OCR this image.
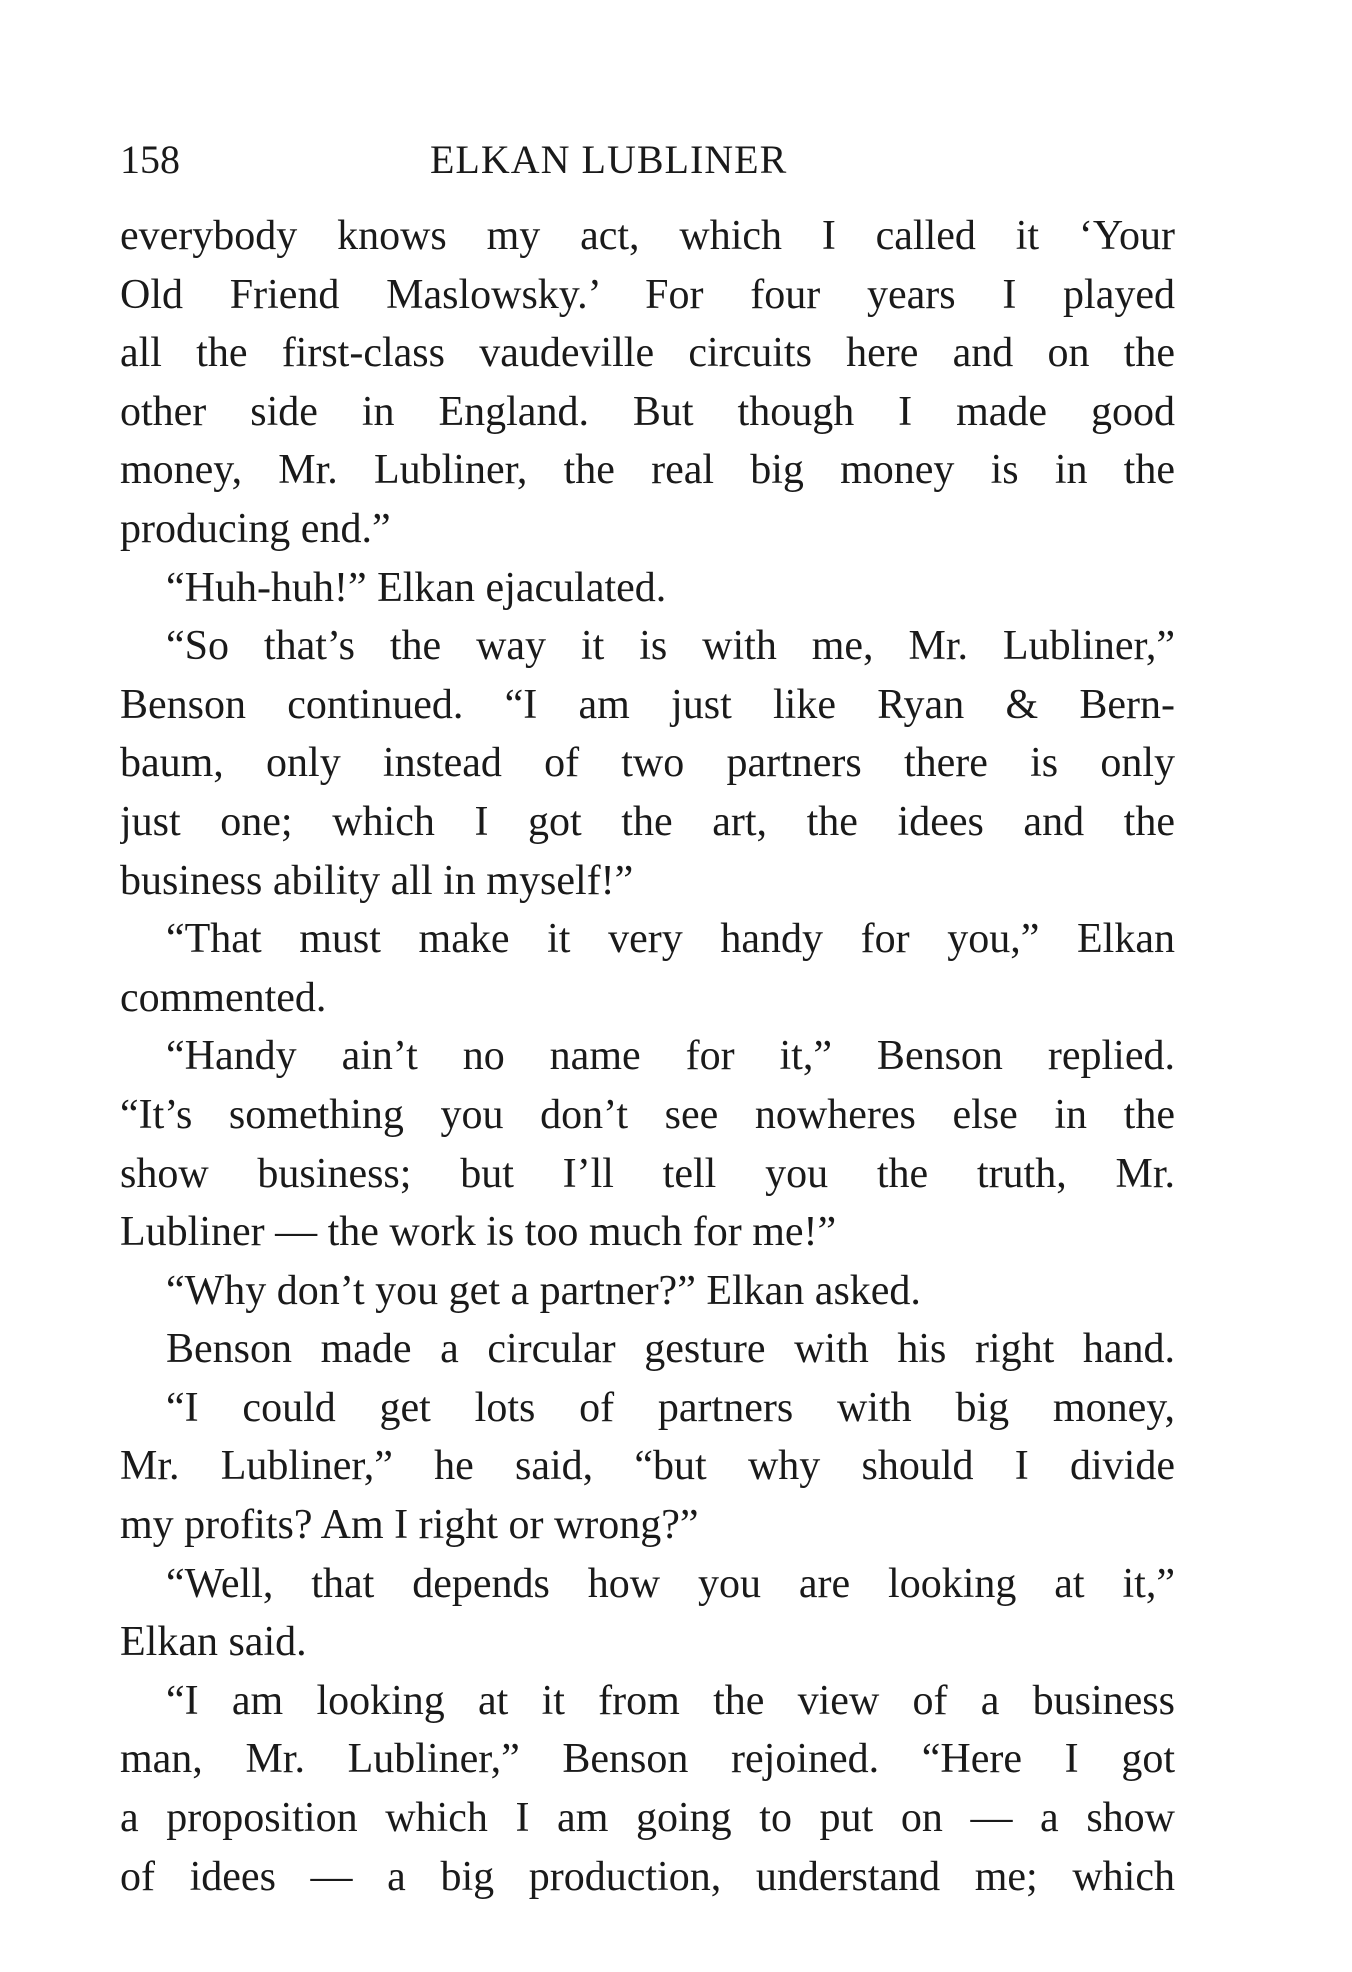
158	ELKAN LUBLINER
everybody knows my act, which I called it ‘Your
Old Friend Maslowsky.’ For four years I played
all the first-class vaudeville circuits here and on the
other side in England. But though I made good
money, Mr. Lubliner, the real big money is in the
producing end.”
“Huh-huh!” Elkan ejaculated.
“So that’s the way it is with me, Mr. Lubliner,”
Benson continued. “I am just like Ryan & Bern-
baum, only instead of two partners there is only
just one; which I got the art, the idees and the
business ability all in myself!”
“That must make it very handy for you,” Elkan
commented.
“Handy ain’t no name for it,” Benson replied.
“It’s something you don’t see nowheres else in the
show business; but I’ll tell you the truth, Mr.
Lubliner — the work is too much for me!”
“Why don’t you get a partner?” Elkan asked.
Benson made a circular gesture with his right hand.
“I could get lots of partners with big money,
Mr. Lubliner,” he said, “but why should I divide
my profits? Am I right or wrong?”
“Well, that depends how you are looking at it,”
Elkan said.
“I am looking at it from the view of a business
man, Mr. Lubliner,” Benson rejoined. “Here I got
a proposition which I am going to put on — a show
of idees — a big production, understand me; which
